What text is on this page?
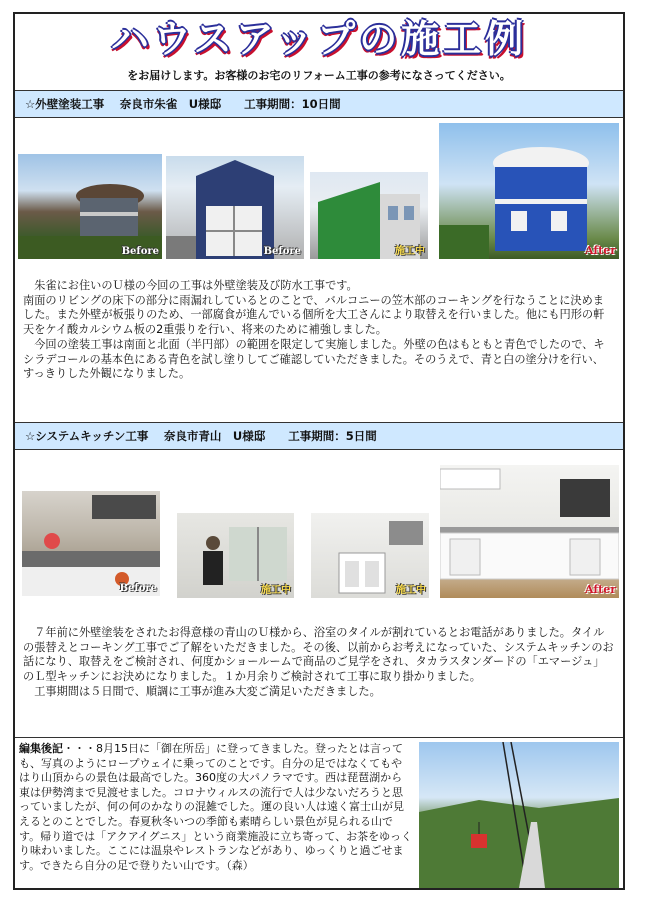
ハウスアップの施工例
をお届けします。お客様のお宅のリフォーム工事の参考になさってください。
☆外壁塗装工事　 奈良市朱雀　U様邸　　工事期間：10日間
Before	Before	施工中	After

　朱雀にお住いのＵ様の今回の工事は外壁塗装及び防水工事です。

南面のリビングの床下の部分に雨漏れしているとのことで、バルコニーの笠木部のコーキングを行なうことに決めました。また外壁が板張りのため、一部腐食が進んでいる個所を大工さんにより取替えを行いました。他にも円形の軒天をケイ酸カルシウム板の2重張りを行い、将来のために補強しました。

　今回の塗装工事は南面と北面（半円部）の範囲を限定して実施しました。外壁の色はもともと青色でしたので、キシラデコールの基本色にある青色を試し塗りしてご確認していただきました。そのうえで、青と白の塗分けを行い、すっきりした外観になりました。

☆システムキッチン工事　 奈良市青山　U様邸　　工事期間：5日間
Before	施工中	施工中	After

　７年前に外壁塗装をされたお得意様の青山のＵ様から、浴室のタイルが割れているとお電話がありました。タイルの張替えとコーキング工事でご了解をいただきました。その後、以前からお考えになっていた、システムキッチンのお話になり、取替えをご検討され、何度かショールームで商品のご見学をされ、タカラスタンダードの「エマージュ」のＬ型キッチンにお決めになりました。１か月余りご検討されて工事に取り掛かりました。

　工事期間は５日間で、順調に工事が進み大変ご満足いただきました。

編集後記・・・8月15日に「御在所岳」に登ってきました。登ったとは言っても、写真のようにロープウェイに乗ってのことです。自分の足ではなくてもやはり山頂からの景色は最高でした。360度の大パノラマです。西は琵琶湖から東は伊勢湾まで見渡せました。コロナウィルスの流行で人は少ないだろうと思っていましたが、何の何のかなりの混雑でした。運の良い人は遠く富士山が見えるとのことでした。春夏秋冬いつの季節も素晴らしい景色が見られる山です。帰り道では「アクアイグニス」という商業施設に立ち寄って、お茶をゆっくり味わいました。ここには温泉やレストランなどがあり、ゆっくりと過ごせます。できたら自分の足で登りたい山です。（森）
